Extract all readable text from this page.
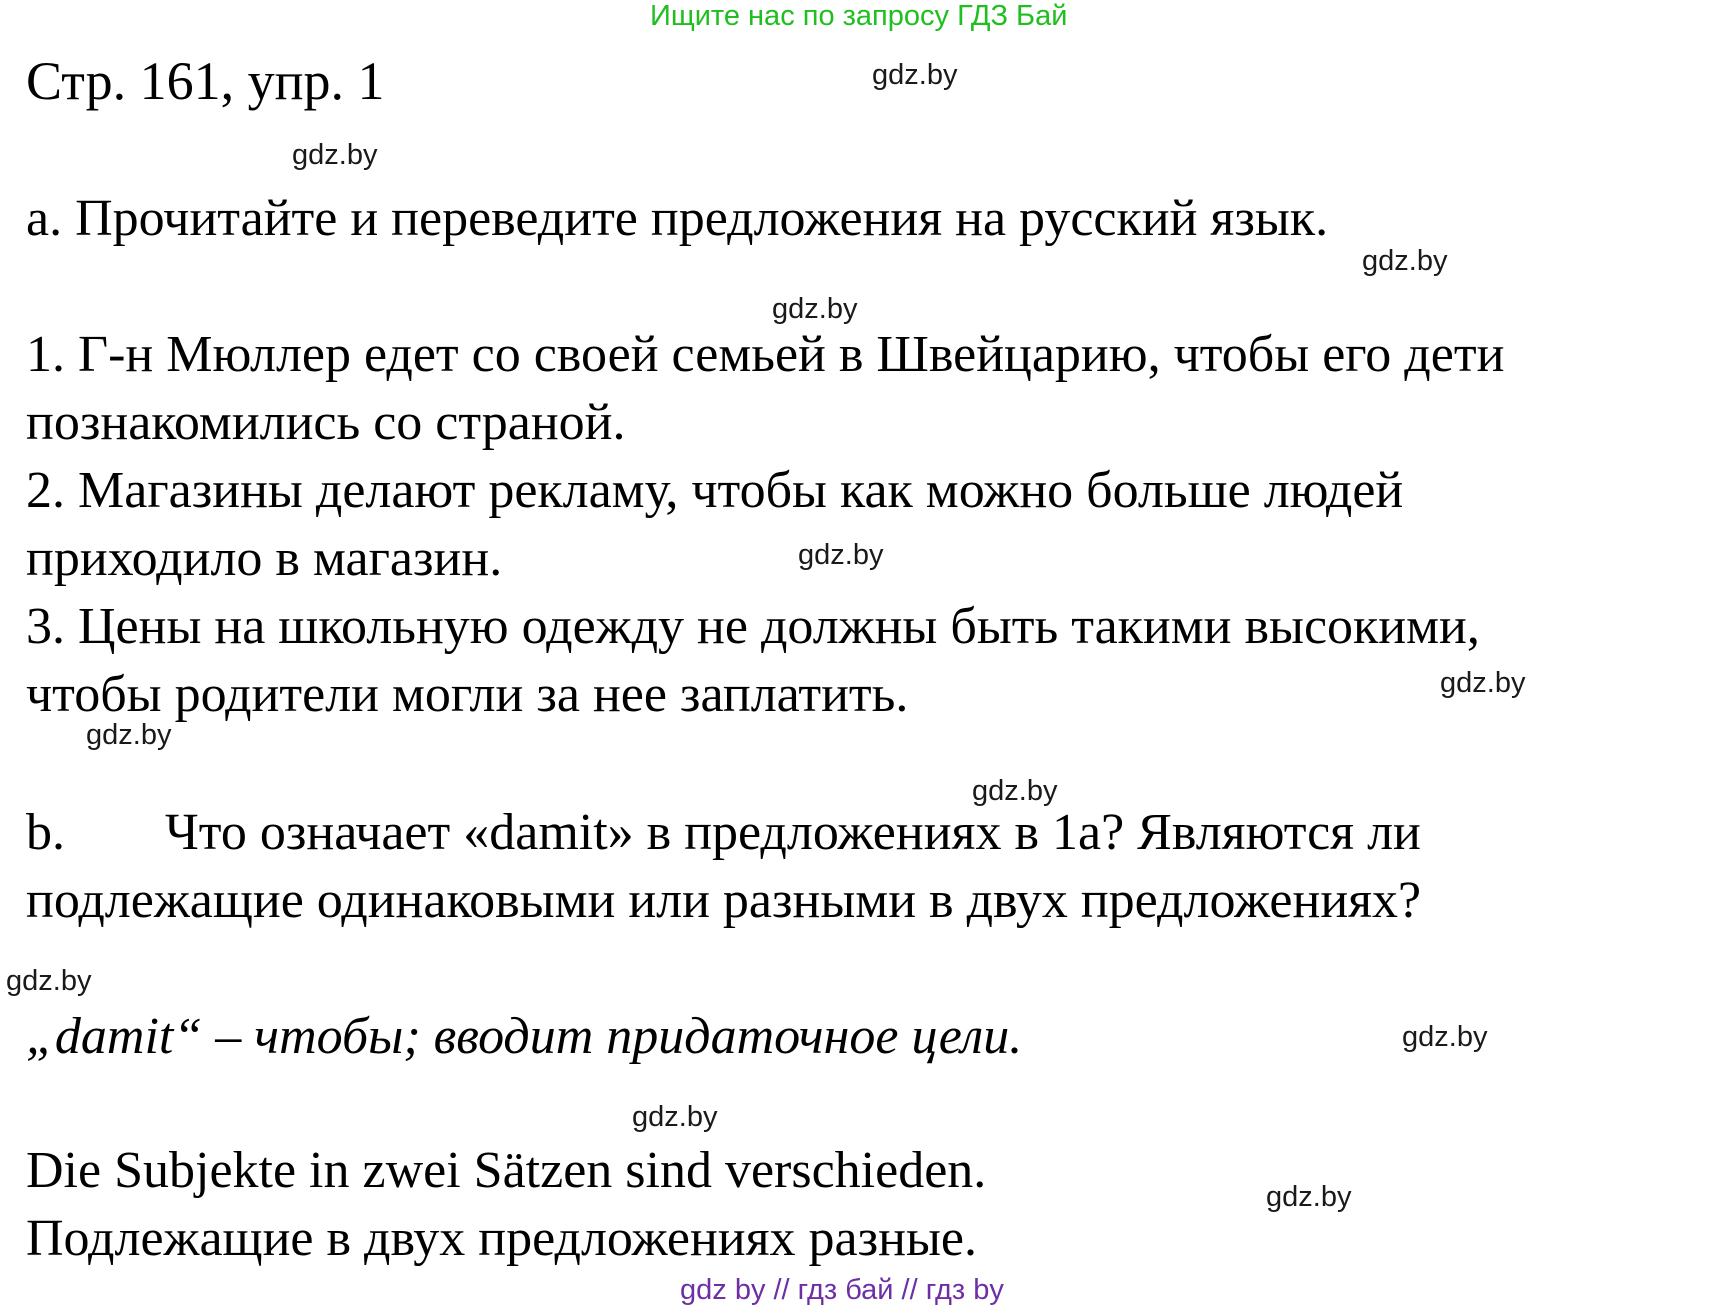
Ищите нас по запросу ГДЗ Бай
Стр. 161, упр. 1
a. Прочитайте и переведите предложения на русский язык.
1. Г-н Мюллер едет со своей семьей в Швейцарию, чтобы его дети
познакомились со страной.
2. Магазины делают рекламу, чтобы как можно больше людей
приходило в магазин.
3. Цены на школьную одежду не должны быть такими высокими,
чтобы родители могли за нее заплатить.
b. Что означает «damit» в предложениях в 1а? Являются ли
подлежащие одинаковыми или разными в двух предложениях?
„damit“ – чтобы; вводит придаточное цели.
Die Subjekte in zwei Sätzen sind verschieden.
Подлежащие в двух предложениях разные.
gdz.by
gdz.by
gdz.by
gdz.by
gdz.by
gdz.by
gdz.by
gdz.by
gdz.by
gdz.by
gdz.by
gdz.by
gdz by // гдз бай // гдз by
